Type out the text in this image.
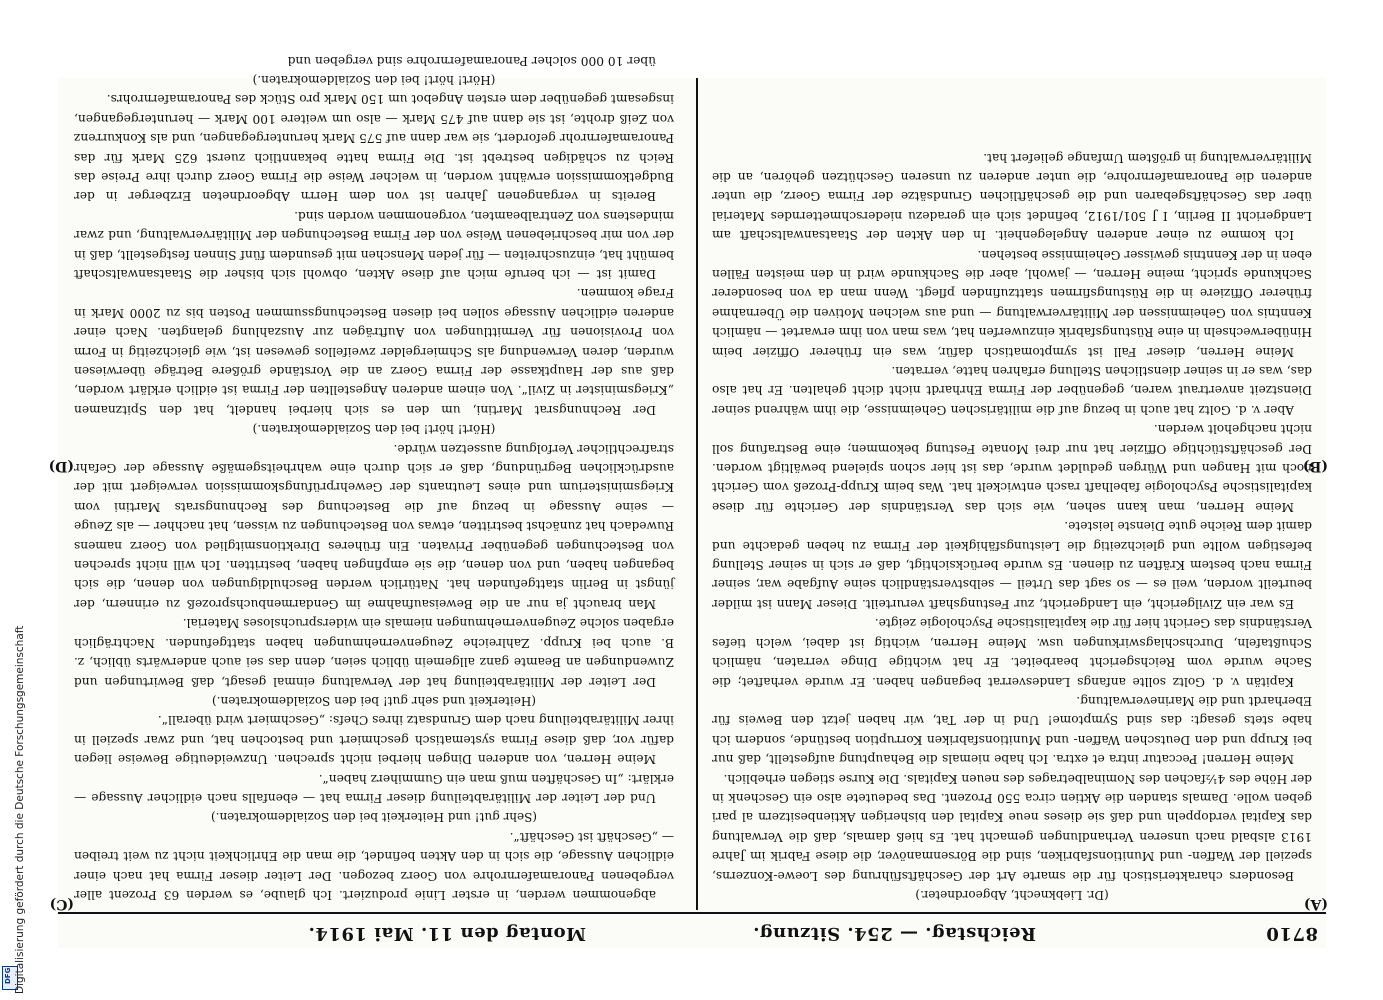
DFG Digitalisierung gefördert durch die Deutsche Forschungsgemeinschaft	8710
Reichstag. — 254. Sitzung.
Montag den 11. Mai 1914.
(A)
(B)
(C)
(D)

(Dr. Liebknecht, Abgeordneter.)

Besonders charakteristisch für die smarte Art der Geschäftsführung des Loewe-Konzerns, speziell der Waffen- und Munitionsfabriken, sind die Börsenmanöver, die diese Fabrik im Jahre 1913 alsbald nach unseren Verhandlungen gemacht hat. Es hieß damals, daß die Verwaltung das Kapital verdoppeln und daß sie dieses neue Kapital den bisherigen Aktienbesitzern al pari geben wolle. Damals standen die Aktien circa 550 Prozent. Das bedeutete also ein Geschenk in der Höhe des 4½fachen des Nominalbetrages des neuen Kapitals. Die Kurse stiegen erheblich.

Meine Herren! Peccatur intra et extra. Ich habe niemals die Behauptung aufgestellt, daß nur bei Krupp und den Deutschen Waffen- und Munitionsfabriken Korruption bestünde, sondern ich habe stets gesagt: das sind Symptome! Und in der Tat, wir haben jetzt den Beweis für Eberhardt und die Marineverwaltung.

Kapitän v. d. Goltz sollte anfangs Landesverrat begangen haben. Er wurde verhaftet; die Sache wurde vom Reichsgericht bearbeitet. Er hat wichtige Dinge verraten, nämlich Schußtafeln, Durchschlagswirkungen usw. Meine Herren, wichtig ist dabei, welch tiefes Verständnis das Gericht hier für die kapitalistische Psychologie zeigte.

Es war ein Zivilgericht, ein Landgericht, zur Festungshaft verurteilt. Dieser Mann ist milder beurteilt worden, weil es — so sagt das Urteil — selbstverständlich seine Aufgabe war, seiner Firma nach bestem Kräften zu dienen. Es wurde berücksichtigt, daß er sich in seiner Stellung befestigen wollte und gleichzeitig die Leistungsfähigkeit der Firma zu heben gedachte und damit dem Reiche gute Dienste leistete.

Meine Herren, man kann sehen, wie sich das Verständnis der Gerichte für diese kapitalistische Psychologie fabelhaft rasch entwickelt hat. Was beim Krupp-Prozeß vom Gericht noch mit Hangen und Würgen geduldet wurde, das ist hier schon spielend bewältigt worden. Der geschäftstüchtige Offizier hat nur drei Monate Festung bekommen; eine Bestrafung soll nicht nachgeholt werden.

Aber v. d. Goltz hat auch in bezug auf die militärischen Geheimnisse, die ihm während seiner Dienstzeit anvertraut waren, gegenüber der Firma Ehrhardt nicht dicht gehalten. Er hat also das, was er in seiner dienstlichen Stellung erfahren hatte, verraten.

Meine Herren, dieser Fall ist symptomatisch dafür, was ein früherer Offizier beim Hinüberwechseln in eine Rüstungsfabrik einzuwerfen hat, was man von ihm erwartet — nämlich Kenntnis von Geheimnissen der Militärverwaltung — und aus welchen Motiven die Übernahme früherer Offiziere in die Rüstungsfirmen stattzufinden pflegt. Wenn man da von besonderer Sachkunde spricht, meine Herren, — jawohl, aber die Sachkunde wird in den meisten Fällen eben in der Kenntnis gewisser Geheimnisse bestehen.

Ich komme zu einer anderen Angelegenheit. In den Akten der Staatsanwaltschaft am Landgericht II Berlin, I J 501/1912, befindet sich ein geradezu niederschmetterndes Material über das Geschäftsgebaren und die geschäftlichen Grundsätze der Firma Goerz, die unter anderen die Panoramafernrohre, die unter anderen zu unseren Geschützen gehören, an die Militärverwaltung in größtem Umfange geliefert hat.

abgenommen werden, in erster Linie produziert. Ich glaube, es werden 63 Prozent aller vergebenen Panoramafernrohre von Goerz bezogen. Der Leiter dieser Firma hat nach einer eidlichen Aussage, die sich in den Akten befindet, die man die Ehrlichkeit nicht zu weit treiben — „Geschäft ist Geschäft“.

(Sehr gut! und Heiterkeit bei den Sozialdemokraten.)

Und der Leiter der Militärabteilung dieser Firma hat — ebenfalls nach eidlicher Aussage — erklärt: „In Geschäften muß man ein Gummiherz haben“.

Meine Herren, von anderen Dingen hierbei nicht sprechen. Unzweideutige Beweise liegen dafür vor, daß diese Firma systematisch geschmiert und bestochen hat, und zwar speziell in ihrer Militärabteilung nach dem Grundsatz ihres Chefs: „Geschmiert wird überall“.

(Heiterkeit und sehr gut! bei den Sozialdemokraten.)

Der Leiter der Militärabteilung hat der Verwaltung einmal gesagt, daß Bewirtungen und Zuwendungen an Beamte ganz allgemein üblich seien, denn das sei auch anderwärts üblich, z. B. auch bei Krupp. Zahlreiche Zeugenvernehmungen haben stattgefunden. Nachträglich ergaben solche Zeugenvernehmungen niemals ein widerspruchsloses Material.

Man braucht ja nur an die Beweisaufnahme im Gendarmenbuchsprozeß zu erinnern, der jüngst in Berlin stattgefunden hat. Natürlich werden Beschuldigungen von denen, die sich begangen haben, und von denen, die sie empfingen haben, bestritten. Ich will nicht sprechen von Bestechungen gegenüber Privaten. Ein früheres Direktionsmitglied von Goerz namens Ruwedach hat zunächst bestritten, etwas von Bestechungen zu wissen, hat nachher — als Zeuge — seine Aussage in bezug auf die Bestechung des Rechnungsrats Martini vom Kriegsministerium und eines Leutnants der Gewehrprüfungskommission verweigert mit der ausdrücklichen Begründung, daß er sich durch eine wahrheitsgemäße Aussage der Gefahr strafrechtlicher Verfolgung aussetzen würde.

(Hört! hört! bei den Sozialdemokraten.)

Der Rechnungsrat Martini, um den es sich hierbei handelt, hat den Spitznamen „Kriegsminister in Zivil“. Von einem anderen Angestellten der Firma ist eidlich erklärt worden, daß aus der Hauptkasse der Firma Goerz an die Vorstände größere Beträge überwiesen wurden, deren Verwendung als Schmiergelder zweifellos gewesen ist, wie gleichzeitig in Form von Provisionen für Vermittlungen von Aufträgen zur Auszahlung gelangten. Nach einer anderen eidlichen Aussage sollen bei diesen Bestechungssummen Posten bis zu 2000 Mark in Frage kommen.

Damit ist — ich berufe mich auf diese Akten, obwohl sich bisher die Staatsanwaltschaft bemüht hat, einzuschreiten — für jeden Menschen mit gesundem fünf Sinnen festgestellt, daß in der von mir beschriebenen Weise von der Firma Bestechungen der Militärverwaltung, und zwar mindestens von Zentralbeamten, vorgenommen worden sind.

Bereits in vergangenen Jahren ist von dem Herrn Abgeordneten Erzberger in der Budgetkommission erwähnt worden, in welcher Weise die Firma Goerz durch ihre Preise das Reich zu schädigen bestrebt ist. Die Firma hatte bekanntlich zuerst 625 Mark für das Panoramafernrohr gefordert, sie war dann auf 575 Mark heruntergegangen, und als Konkurrenz von Zeiß drohte, ist sie dann auf 475 Mark — also um weitere 100 Mark — heruntergegangen, insgesamt gegenüber dem ersten Angebot um 150 Mark pro Stück des Panoramafernrohrs.

(Hört! hört! bei den Sozialdemokraten.)

über 10 000 solcher Panoramafernrohre sind vergeben und
